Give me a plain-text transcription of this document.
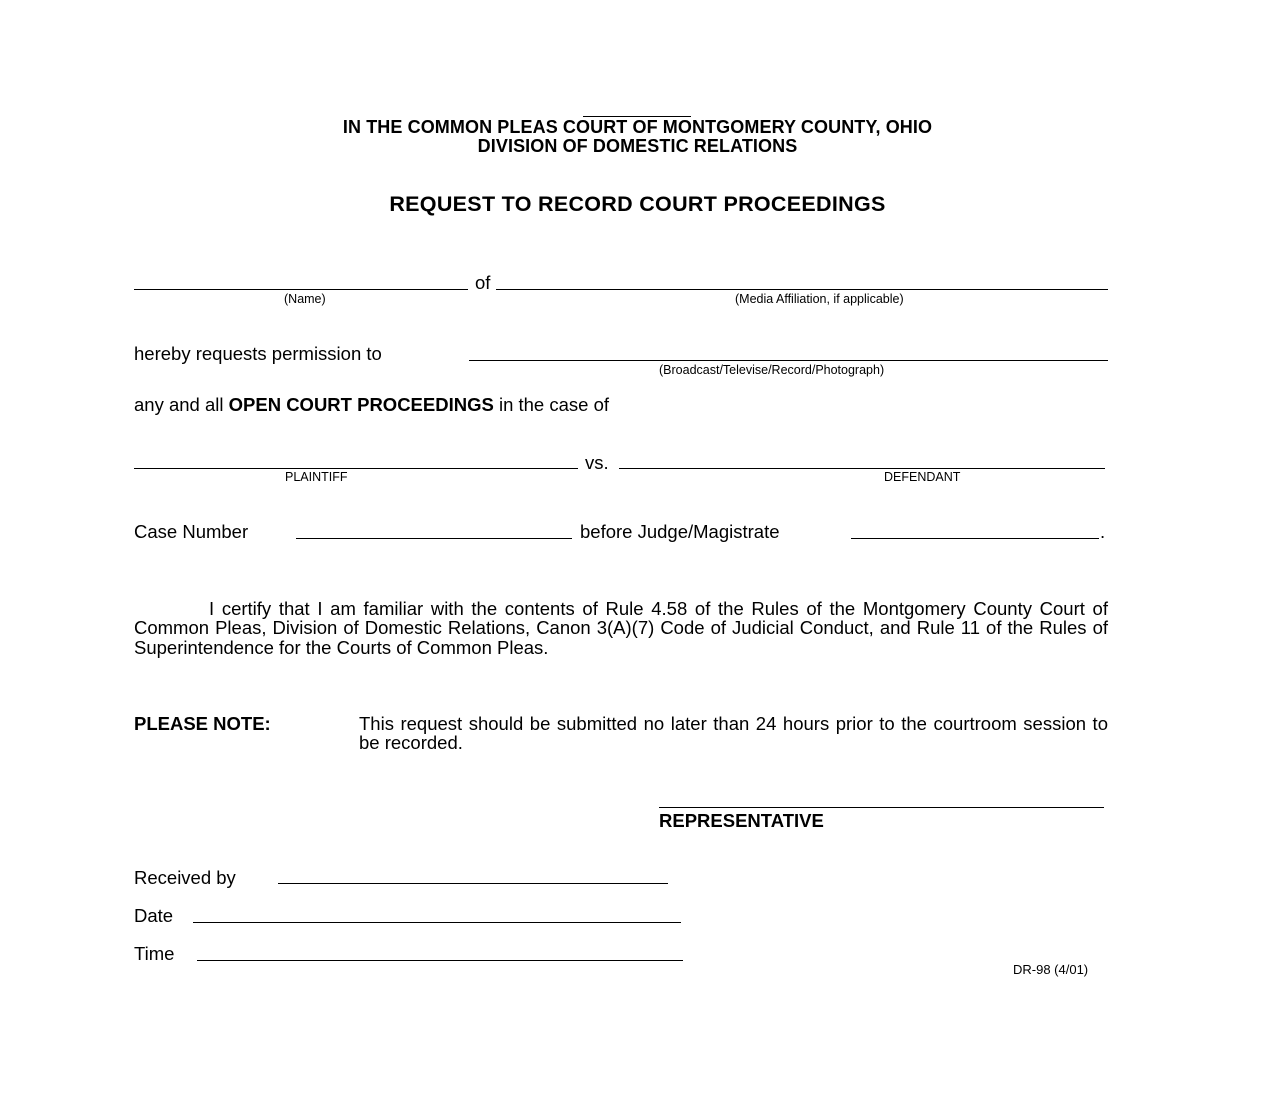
IN THE COMMON PLEAS COURT OF MONTGOMERY COUNTY, OHIO
DIVISION OF DOMESTIC RELATIONS
REQUEST TO RECORD COURT PROCEEDINGS
of
(Name)	(Media Affiliation, if applicable)
hereby requests permission to
(Broadcast/Televise/Record/Photograph)
any and all OPEN COURT PROCEEDINGS in the case of
vs.
PLAINTIFF	DEFENDANT
Case Number	before Judge/Magistrate	.
I certify that I am familiar with the contents of Rule 4.58 of the Rules of the Montgomery County Court of Common Pleas, Division of Domestic Relations, Canon 3(A)(7) Code of Judicial Conduct, and Rule 11 of the Rules of Superintendence for the Courts of Common Pleas.
PLEASE NOTE:	This request should be submitted no later than 24 hours prior to the courtroom session to be recorded.
REPRESENTATIVE
Received by
Date
Time
DR-98 (4/01)
